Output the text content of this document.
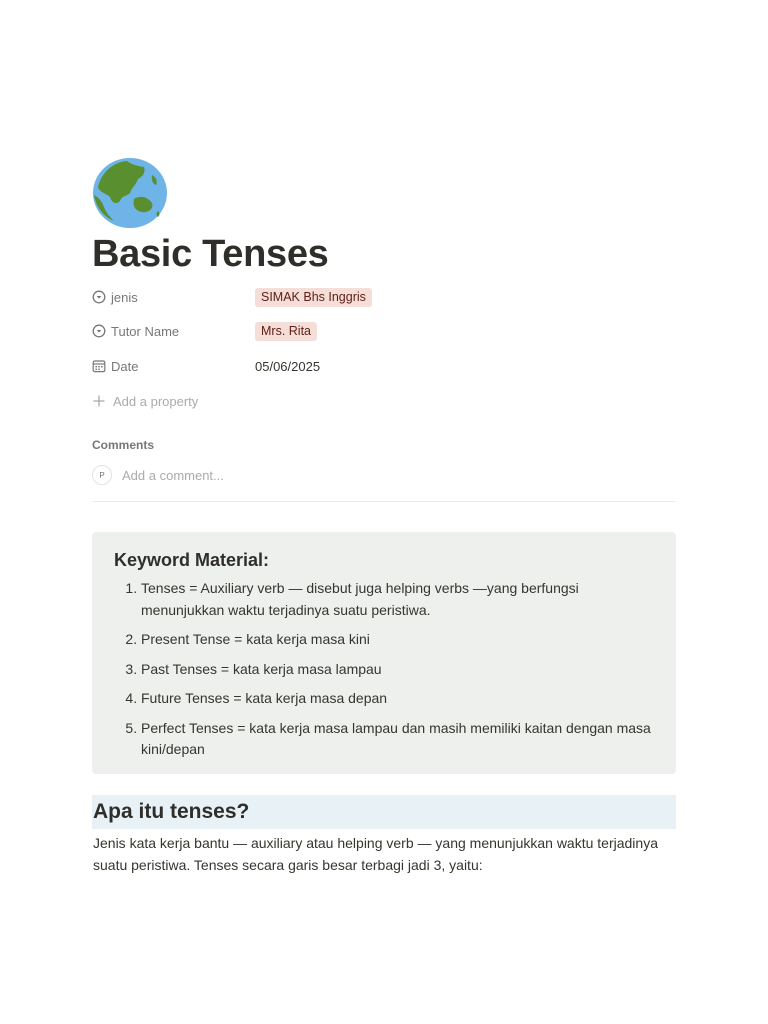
Basic Tenses
jenis	SIMAK Bhs Inggris
Tutor Name	Mrs. Rita
Date	05/06/2025
Add a property
Comments
P	Add a comment...
Keyword Material:
1. Tenses = Auxiliary verb — disebut juga helping verbs —yang berfungsi menunjukkan waktu terjadinya suatu peristiwa.
2. Present Tense = kata kerja masa kini
3. Past Tenses = kata kerja masa lampau
4. Future Tenses = kata kerja masa depan
5. Perfect Tenses = kata kerja masa lampau dan masih memiliki kaitan dengan masa kini/depan
Apa itu tenses?

Jenis kata kerja bantu — auxiliary atau helping verb — yang menunjukkan waktu terjadinya suatu peristiwa. Tenses secara garis besar terbagi jadi 3, yaitu:
